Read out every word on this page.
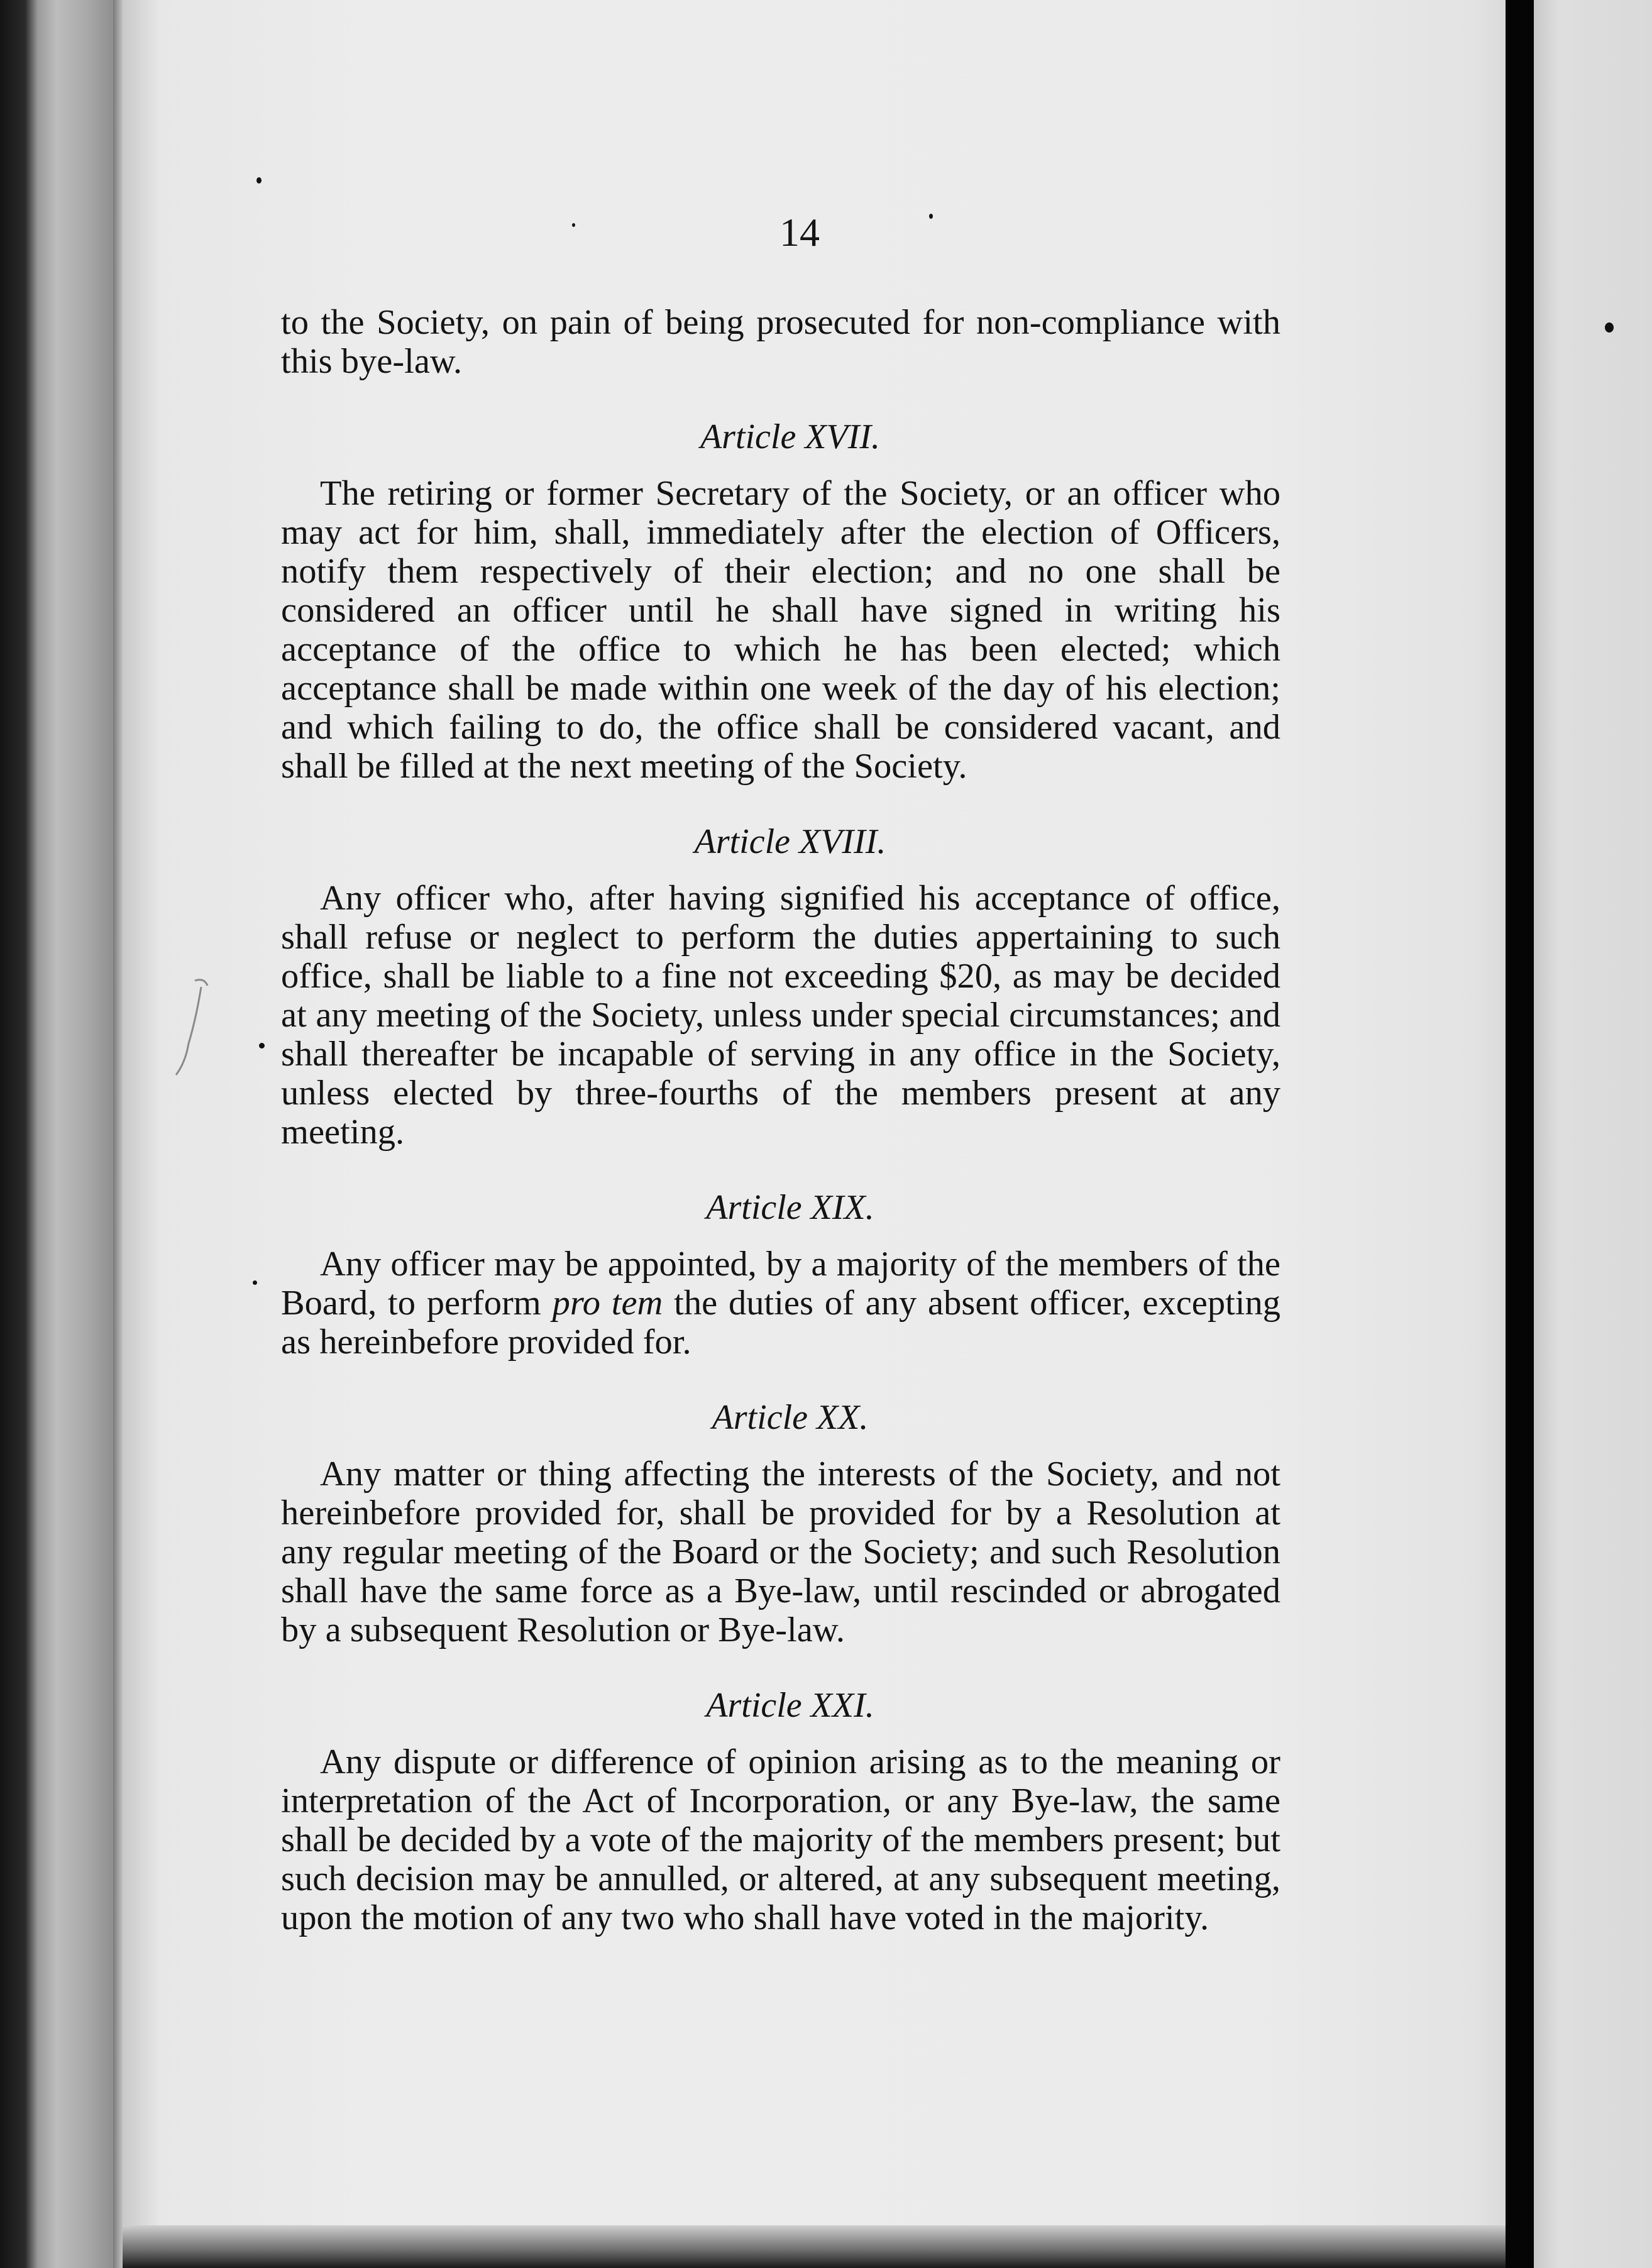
14

to the Society, on pain of being prosecuted for non-compliance with this bye-law.

Article XVII.

The retiring or former Secretary of the Society, or an officer who may act for him, shall, immediately after the election of Officers, notify them respectively of their election; and no one shall be considered an officer until he shall have signed in writing his acceptance of the office to which he has been elected; which acceptance shall be made within one week of the day of his election; and which failing to do, the office shall be considered vacant, and shall be filled at the next meeting of the Society.

Article XVIII.

Any officer who, after having signified his acceptance of office, shall refuse or neglect to perform the duties appertaining to such office, shall be liable to a fine not exceeding $20, as may be decided at any meeting of the Society, unless under special circumstances; and shall thereafter be incapable of serving in any office in the Society, unless elected by three-fourths of the members present at any meeting.

Article XIX.

Any officer may be appointed, by a majority of the members of the Board, to perform pro tem the duties of any absent officer, excepting as hereinbefore provided for.

Article XX.

Any matter or thing affecting the interests of the Society, and not hereinbefore provided for, shall be provided for by a Resolution at any regular meeting of the Board or the Society; and such Resolution shall have the same force as a Bye-law, until rescinded or abrogated by a subsequent Resolution or Bye-law.

Article XXI.

Any dispute or difference of opinion arising as to the meaning or interpretation of the Act of Incorporation, or any Bye-law, the same shall be decided by a vote of the majority of the members present; but such decision may be annulled, or altered, at any subsequent meeting, upon the motion of any two who shall have voted in the majority.
